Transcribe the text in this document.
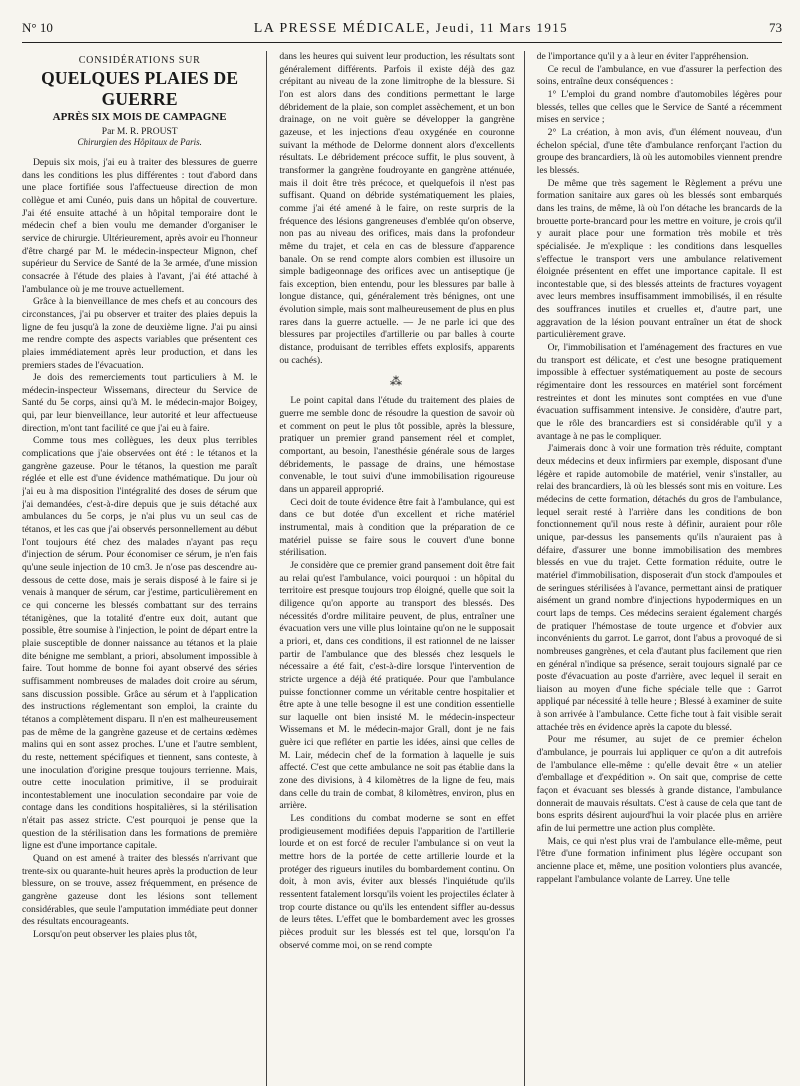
N° 10	LA PRESSE MÉDICALE, Jeudi, 11 Mars 1915	73
CONSIDÉRATIONS SUR
QUELQUES PLAIES DE GUERRE
APRÈS SIX MOIS DE CAMPAGNE
Par M. R. PROUST
Chirurgien des Hôpitaux de Paris.

Depuis six mois, j'ai eu à traiter des blessures de guerre dans les conditions les plus différentes : tout d'abord dans une place fortifiée sous l'affectueuse direction de mon collègue et ami Cunéo, puis dans un hôpital de couverture. J'ai été ensuite attaché à un hôpital temporaire dont le médecin chef a bien voulu me demander d'organiser le service de chirurgie. Ultérieurement, après avoir eu l'honneur d'être chargé par M. le médecin-inspecteur Mignon, chef supérieur du Service de Santé de la 3e armée, d'une mission consacrée à l'étude des plaies à l'avant, j'ai été attaché à l'ambulance où je me trouve actuellement.

Grâce à la bienveillance de mes chefs et au concours des circonstances, j'ai pu observer et traiter des plaies depuis la ligne de feu jusqu'à la zone de deuxième ligne. J'ai pu ainsi me rendre compte des aspects variables que présentent ces plaies immédiatement après leur production, et dans les premiers stades de l'évacuation.

Je dois des remerciements tout particuliers à M. le médecin-inspecteur Wissemans, directeur du Service de Santé du 5e corps, ainsi qu'à M. le médecin-major Boigey, qui, par leur bienveillance, leur autorité et leur affectueuse direction, m'ont tant facilité ce que j'ai eu à faire.

Comme tous mes collègues, les deux plus terribles complications que j'aie observées ont été : le tétanos et la gangrène gazeuse. Pour le tétanos, la question me paraît réglée et elle est d'une évidence mathématique. Du jour où j'ai eu à ma disposition l'intégralité des doses de sérum que j'ai demandées, c'est-à-dire depuis que je suis détaché aux ambulances du 5e corps, je n'ai plus vu un seul cas de tétanos, et les cas que j'ai observés personnellement au début l'ont toujours été chez des malades n'ayant pas reçu d'injection de sérum. Pour économiser ce sérum, je n'en fais qu'une seule injection de 10 cm3. Je n'ose pas descendre au-dessous de cette dose, mais je serais disposé à le faire si je venais à manquer de sérum, car j'estime, particulièrement en ce qui concerne les blessés combattant sur des terrains tétanigènes, que la totalité d'entre eux doit, autant que possible, être soumise à l'injection, le point de départ entre la plaie susceptible de donner naissance au tétanos et la plaie dite bénigne me semblant, a priori, absolument impossible à faire. Tout homme de bonne foi ayant observé des séries suffisamment nombreuses de malades doit croire au sérum, sans discussion possible. Grâce au sérum et à l'application des instructions réglementant son emploi, la crainte du tétanos a complètement disparu. Il n'en est malheureusement pas de même de la gangrène gazeuse et de certains œdèmes malins qui en sont assez proches. L'une et l'autre semblent, du reste, nettement spécifiques et tiennent, sans conteste, à une inoculation d'origine presque toujours terrienne. Mais, outre cette inoculation primitive, il se produirait incontestablement une inoculation secondaire par voie de contage dans les conditions hospitalières, si la stérilisation n'était pas assez stricte. C'est pourquoi je pense que la question de la stérilisation dans les formations de première ligne est d'une importance capitale.

Quand on est amené à traiter des blessés n'arrivant que trente-six ou quarante-huit heures après la production de leur blessure, on se trouve, assez fréquemment, en présence de gangrène gazeuse dont les lésions sont tellement considérables, que seule l'amputation immédiate peut donner des résultats encourageants.

Lorsqu'on peut observer les plaies plus tôt,

dans les heures qui suivent leur production, les résultats sont généralement différents. Parfois il existe déjà des gaz crépitant au niveau de la zone limitrophe de la blessure. Si l'on est alors dans des conditions permettant le large débridement de la plaie, son complet assèchement, et un bon drainage, on ne voit guère se développer la gangrène gazeuse, et les injections d'eau oxygénée en couronne suivant la méthode de Delorme donnent alors d'excellents résultats. Le débridement précoce suffit, le plus souvent, à transformer la gangrène foudroyante en gangrène atténuée, mais il doit être très précoce, et quelquefois il n'est pas suffisant. Quand on débride systématiquement les plaies, comme j'ai été amené à le faire, on reste surpris de la fréquence des lésions gangreneuses d'emblée qu'on observe, non pas au niveau des orifices, mais dans la profondeur même du trajet, et cela en cas de blessure d'apparence banale. On se rend compte alors combien est illusoire un simple badigeonnage des orifices avec un antiseptique (je fais exception, bien entendu, pour les blessures par balle à longue distance, qui, généralement très bénignes, ont une évolution simple, mais sont malheureusement de plus en plus rares dans la guerre actuelle. — Je ne parle ici que des blessures par projectiles d'artillerie ou par balles à courte distance, produisant de terribles effets explosifs, apparents ou cachés).

⁂

Le point capital dans l'étude du traitement des plaies de guerre me semble donc de résoudre la question de savoir où et comment on peut le plus tôt possible, après la blessure, pratiquer un premier grand pansement réel et complet, comportant, au besoin, l'anesthésie générale sous de larges débridements, le passage de drains, une hémostase convenable, le tout suivi d'une immobilisation rigoureuse dans un appareil approprié.

Ceci doit de toute évidence être fait à l'ambulance, qui est dans ce but dotée d'un excellent et riche matériel instrumental, mais à condition que la préparation de ce matériel puisse se faire sous le couvert d'une bonne stérilisation.

Je considère que ce premier grand pansement doit être fait au relai qu'est l'ambulance, voici pourquoi : un hôpital du territoire est presque toujours trop éloigné, quelle que soit la diligence qu'on apporte au transport des blessés. Des nécessités d'ordre militaire peuvent, de plus, entraîner une évacuation vers une ville plus lointaine qu'on ne le supposait a priori, et, dans ces conditions, il est rationnel de ne laisser partir de l'ambulance que des blessés chez lesquels le nécessaire a été fait, c'est-à-dire lorsque l'intervention de stricte urgence a déjà été pratiquée. Pour que l'ambulance puisse fonctionner comme un véritable centre hospitalier et être apte à une telle besogne il est une condition essentielle sur laquelle ont bien insisté M. le médecin-inspecteur Wissemans et M. le médecin-major Grall, dont je ne fais guère ici que refléter en partie les idées, ainsi que celles de M. Lair, médecin chef de la formation à laquelle je suis affecté. C'est que cette ambulance ne soit pas établie dans la zone des divisions, à 4 kilomètres de la ligne de feu, mais dans celle du train de combat, 8 kilomètres, environ, plus en arrière.

Les conditions du combat moderne se sont en effet prodigieusement modifiées depuis l'apparition de l'artillerie lourde et on est forcé de reculer l'ambulance si on veut la mettre hors de la portée de cette artillerie lourde et la protéger des rigueurs inutiles du bombardement continu. On doit, à mon avis, éviter aux blessés l'inquiétude qu'ils ressentent fatalement lorsqu'ils voient les projectiles éclater à trop courte distance ou qu'ils les entendent siffler au-dessus de leurs têtes. L'effet que le bombardement avec les grosses pièces produit sur les blessés est tel que, lorsqu'on l'a observé comme moi, on se rend compte

de l'importance qu'il y a à leur en éviter l'appréhension.

Ce recul de l'ambulance, en vue d'assurer la perfection des soins, entraîne deux conséquences :

1° L'emploi du grand nombre d'automobiles légères pour blessés, telles que celles que le Service de Santé a récemment mises en service ;

2° La création, à mon avis, d'un élément nouveau, d'un échelon spécial, d'une tête d'ambulance renforçant l'action du groupe des brancardiers, là où les automobiles viennent prendre les blessés.

De même que très sagement le Règlement a prévu une formation sanitaire aux gares où les blessés sont embarqués dans les trains, de même, là où l'on détache les brancards de la brouette porte-brancard pour les mettre en voiture, je crois qu'il y aurait place pour une formation très mobile et très spécialisée. Je m'explique : les conditions dans lesquelles s'effectue le transport vers une ambulance relativement éloignée présentent en effet une importance capitale. Il est incontestable que, si des blessés atteints de fractures voyagent avec leurs membres insuffisamment immobilisés, il en résulte des souffrances inutiles et cruelles et, d'autre part, une aggravation de la lésion pouvant entraîner un état de shock particulièrement grave.

Or, l'immobilisation et l'aménagement des fractures en vue du transport est délicate, et c'est une besogne pratiquement impossible à effectuer systématiquement au poste de secours régimentaire dont les ressources en matériel sont forcément restreintes et dont les minutes sont comptées en vue d'une évacuation suffisamment intensive. Je considère, d'autre part, que le rôle des brancardiers est si considérable qu'il y a avantage à ne pas le compliquer.

J'aimerais donc à voir une formation très réduite, comptant deux médecins et deux infirmiers par exemple, disposant d'une légère et rapide automobile de matériel, venir s'installer, au relai des brancardiers, là où les blessés sont mis en voiture. Les médecins de cette formation, détachés du gros de l'ambulance, lequel serait resté à l'arrière dans les conditions de bon fonctionnement qu'il nous reste à définir, auraient pour rôle unique, par-dessus les pansements qu'ils n'auraient pas à défaire, d'assurer une bonne immobilisation des membres blessés en vue du trajet. Cette formation réduite, outre le matériel d'immobilisation, disposerait d'un stock d'ampoules et de seringues stérilisées à l'avance, permettant ainsi de pratiquer aisément un grand nombre d'injections hypodermiques en un court laps de temps. Ces médecins seraient également chargés de pratiquer l'hémostase de toute urgence et d'obvier aux inconvénients du garrot. Le garrot, dont l'abus a provoqué de si nombreuses gangrènes, et cela d'autant plus facilement que rien en général n'indique sa présence, serait toujours signalé par ce poste d'évacuation au poste d'arrière, avec lequel il serait en liaison au moyen d'une fiche spéciale telle que : Garrot appliqué par nécessité à telle heure ; Blessé à examiner de suite à son arrivée à l'ambulance. Cette fiche tout à fait visible serait attachée très en évidence après la capote du blessé.

Pour me résumer, au sujet de ce premier échelon d'ambulance, je pourrais lui appliquer ce qu'on a dit autrefois de l'ambulance elle-même : qu'elle devait être « un atelier d'emballage et d'expédition ». On sait que, comprise de cette façon et évacuant ses blessés à grande distance, l'ambulance donnerait de mauvais résultats. C'est à cause de cela que tant de bons esprits désirent aujourd'hui la voir placée plus en arrière afin de lui permettre une action plus complète.

Mais, ce qui n'est plus vrai de l'ambulance elle-même, peut l'être d'une formation infiniment plus légère occupant son ancienne place et, même, une position volontiers plus avancée, rappelant l'ambulance volante de Larrey. Une telle
